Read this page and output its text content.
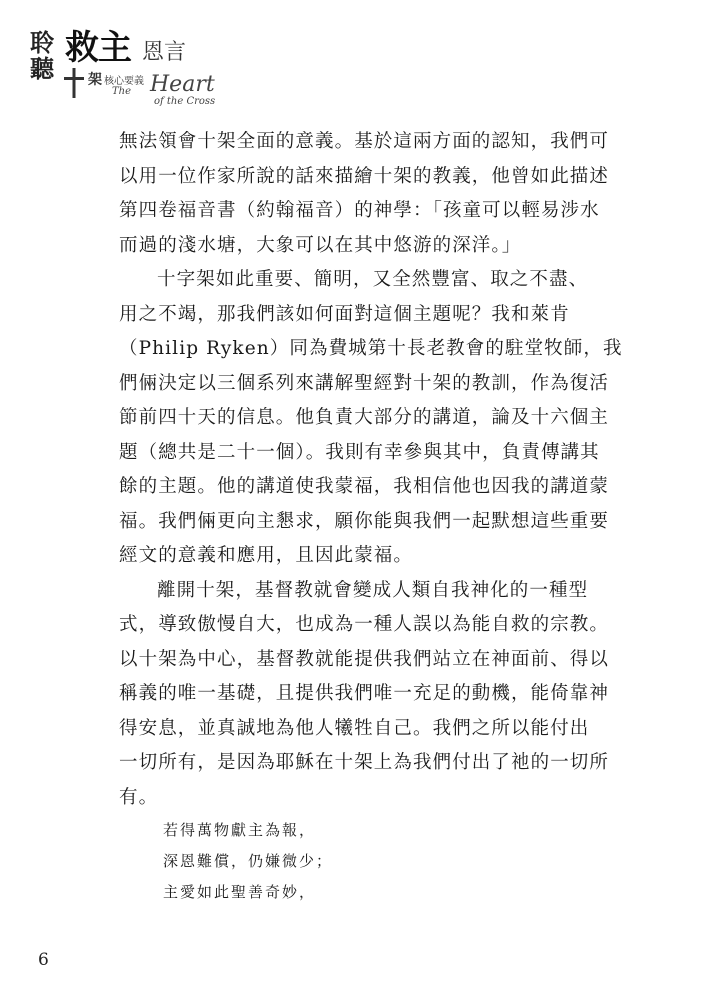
聆
聽
救主 恩言
架 核心要義
The Heart
of the Cross
無法領會十架全面的意義。基於這兩方面的認知，我們可
以用一位作家所說的話來描繪十架的教義，他曾如此描述
第四卷福音書（約翰福音）的神學：「孩童可以輕易涉水
而過的淺水塘，大象可以在其中悠游的深洋。」
十字架如此重要、簡明，又全然豐富、取之不盡、
用之不竭，那我們該如何面對這個主題呢？我和萊肯
（Philip Ryken）同為費城第十長老教會的駐堂牧師，我
們倆決定以三個系列來講解聖經對十架的教訓，作為復活
節前四十天的信息。他負責大部分的講道，論及十六個主
題（總共是二十一個）。我則有幸參與其中，負責傳講其
餘的主題。他的講道使我蒙福，我相信他也因我的講道蒙
福。我們倆更向主懇求，願你能與我們一起默想這些重要
經文的意義和應用，且因此蒙福。
離開十架，基督教就會變成人類自我神化的一種型
式，導致傲慢自大，也成為一種人誤以為能自救的宗教。
以十架為中心，基督教就能提供我們站立在神面前、得以
稱義的唯一基礎，且提供我們唯一充足的動機，能倚靠神
得安息，並真誠地為他人犧牲自己。我們之所以能付出
一切所有，是因為耶穌在十架上為我們付出了祂的一切所
有。
若得萬物獻主為報，
深恩難償，仍嫌微少；
主愛如此聖善奇妙，
6
